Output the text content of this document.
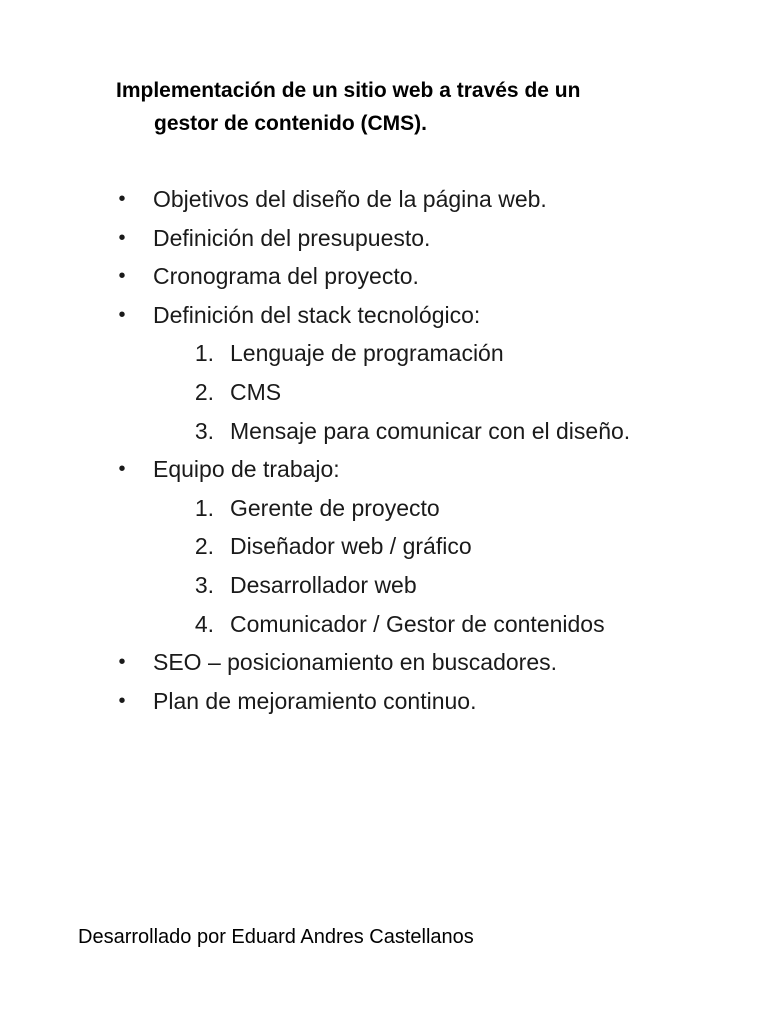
Implementación de un sitio web a través de un
gestor de contenido (CMS).
• Objetivos del diseño de la página web.
• Definición del presupuesto.
• Cronograma del proyecto.
• Definición del stack tecnológico:
1. Lenguaje de programación
2. CMS
3. Mensaje para comunicar con el diseño.
• Equipo de trabajo:
1. Gerente de proyecto
2. Diseñador web / gráfico
3. Desarrollador web
4. Comunicador / Gestor de contenidos
• SEO – posicionamiento en buscadores.
• Plan de mejoramiento continuo.
Desarrollado por Eduard Andres Castellanos
